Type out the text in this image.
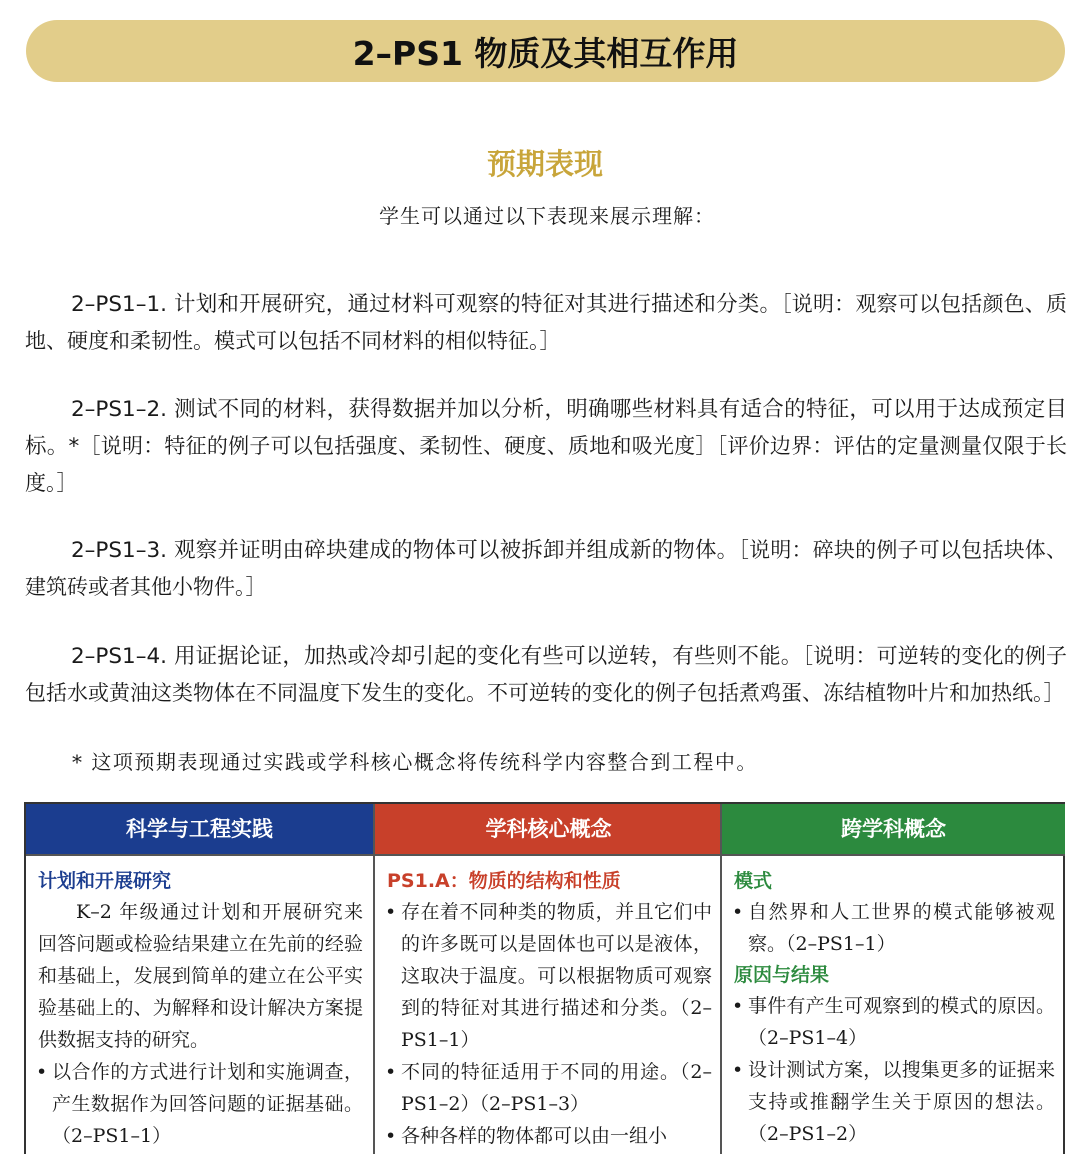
2–PS1 物质及其相互作用
预期表现
学生可以通过以下表现来展示理解：
2–PS1–1. 计划和开展研究，通过材料可观察的特征对其进行描述和分类。［说明：观察可以包括颜色、质地、硬度和柔韧性。模式可以包括不同材料的相似特征。］
2–PS1–2. 测试不同的材料，获得数据并加以分析，明确哪些材料具有适合的特征，可以用于达成预定目标。*［说明：特征的例子可以包括强度、柔韧性、硬度、质地和吸光度］［评价边界：评估的定量测量仅限于长度。］
2–PS1–3. 观察并证明由碎块建成的物体可以被拆卸并组成新的物体。［说明：碎块的例子可以包括块体、建筑砖或者其他小物件。］
2–PS1–4. 用证据论证，加热或冷却引起的变化有些可以逆转，有些则不能。［说明：可逆转的变化的例子包括水或黄油这类物体在不同温度下发生的变化。不可逆转的变化的例子包括煮鸡蛋、冻结植物叶片和加热纸。］
* 这项预期表现通过实践或学科核心概念将传统科学内容整合到工程中。
科学与工程实践
计划和开展研究
K–2 年级通过计划和开展研究来回答问题或检验结果建立在先前的经验和基础上，发展到简单的建立在公平实验基础上的、为解释和设计解决方案提供数据支持的研究。
• 以合作的方式进行计划和实施调查，产生数据作为回答问题的证据基础。（2–PS1–1）
学科核心概念
PS1.A：物质的结构和性质
• 存在着不同种类的物质，并且它们中的许多既可以是固体也可以是液体，这取决于温度。可以根据物质可观察到的特征对其进行描述和分类。（2–PS1–1）
• 不同的特征适用于不同的用途。（2–PS1–2）（2–PS1–3）
• 各种各样的物体都可以由一组小
跨学科概念
模式
• 自然界和人工世界的模式能够被观察。（2–PS1–1）
原因与结果
• 事件有产生可观察到的模式的原因。（2–PS1–4）
• 设计测试方案，以搜集更多的证据来支持或推翻学生关于原因的想法。（2–PS1–2）
